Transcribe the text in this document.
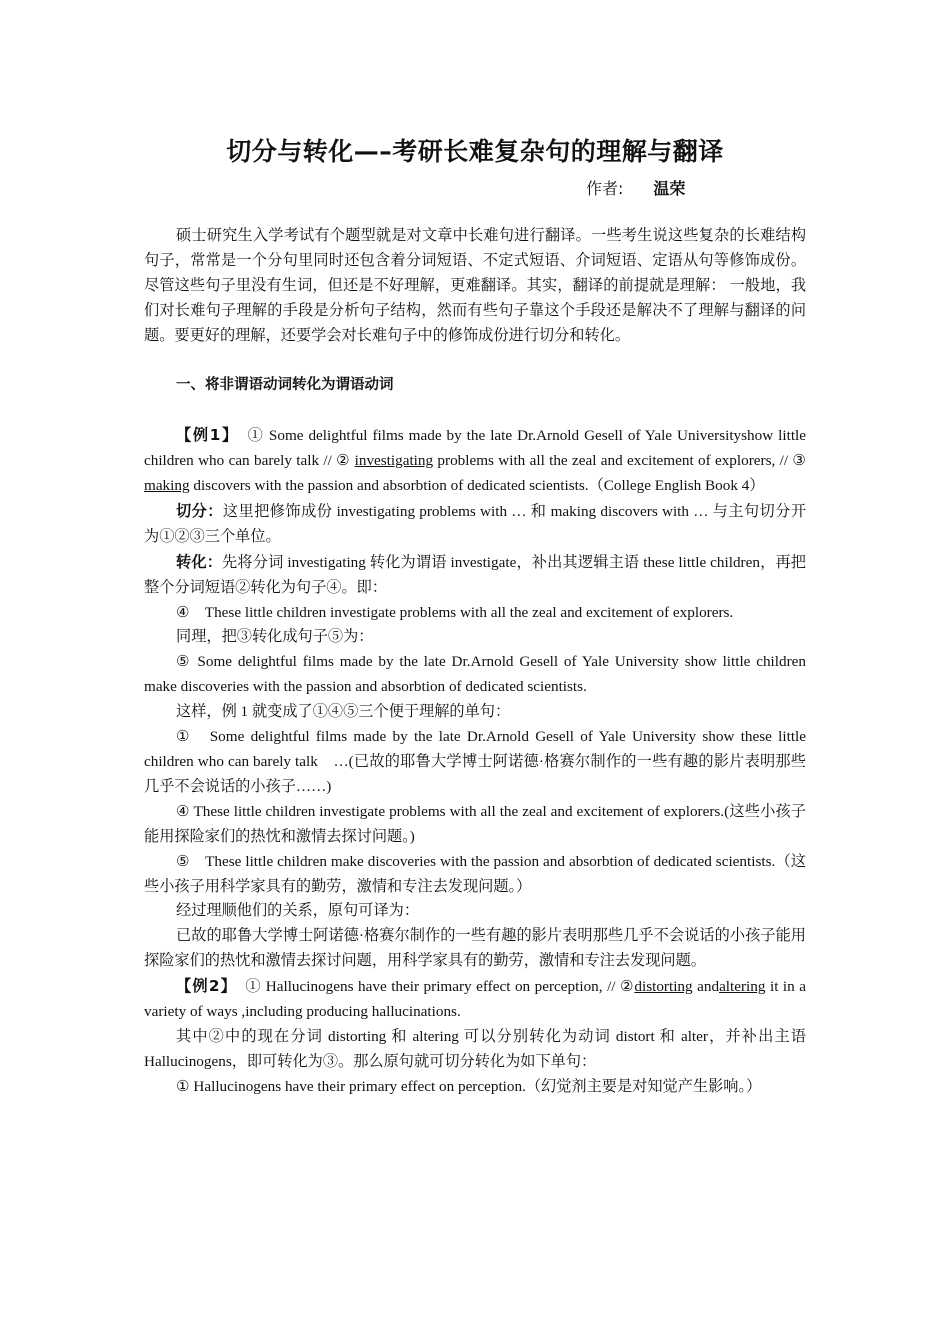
切分与转化—–考研长难复杂句的理解与翻译
作者: 温荣

硕士研究生入学考试有个题型就是对文章中长难句进行翻译。一些考生说这些复杂的长难结构句子，常常是一个分句里同时还包含着分词短语、不定式短语、介词短语、定语从句等修饰成份。尽管这些句子里没有生词，但还是不好理解，更难翻译。其实，翻译的前提就是理解： 一般地，我们对长难句子理解的手段是分析句子结构，然而有些句子靠这个手段还是解决不了理解与翻译的问题。要更好的理解，还要学会对长难句子中的修饰成份进行切分和转化。

一、将非谓语动词转化为谓语动词

【例1】　 ① Some delightful films made by the late Dr.Arnold Gesell of Yale Universityshow little children who can barely talk // ② investigating problems with all the zeal and excitement of explorers, // ③ making discovers with the passion and absorbtion of dedicated scientists.（College English Book 4）

切分：这里把修饰成份 investigating problems with … 和 making discovers with … 与主句切分开为①②③三个单位。

转化：先将分词 investigating 转化为谓语 investigate，补出其逻辑主语 these little children，再把整个分词短语②转化为句子④。即：

④　These little children investigate problems with all the zeal and excitement of explorers.

同理，把③转化成句子⑤为：

⑤ Some delightful films made by the late Dr.Arnold Gesell of Yale University show little children make discoveries with the passion and absorbtion of dedicated scientists.

这样，例 1 就变成了①④⑤三个便于理解的单句：

①　Some delightful films made by the late Dr.Arnold Gesell of Yale University show these little children who can barely talk　…(已故的耶鲁大学博士阿诺德·格赛尔制作的一些有趣的影片表明那些几乎不会说话的小孩子……)

④ These little children investigate problems with all the zeal and excitement of explorers.(这些小孩子能用探险家们的热忱和激情去探讨问题。)

⑤　These little children make discoveries with the passion and absorbtion of dedicated scientists.（这些小孩子用科学家具有的勤劳，激情和专注去发现问题。）

经过理顺他们的关系，原句可译为：

已故的耶鲁大学博士阿诺德·格赛尔制作的一些有趣的影片表明那些几乎不会说话的小孩子能用探险家们的热忱和激情去探讨问题，用科学家具有的勤劳，激情和专注去发现问题。

【例2】　 ① Hallucinogens have their primary effect on perception, // ②distorting andaltering it in a variety of ways ,including producing hallucinations.

其中②中的现在分词 distorting 和 altering 可以分别转化为动词 distort 和 alter，并补出主语 Hallucinogens，即可转化为③。那么原句就可切分转化为如下单句：

① Hallucinogens have their primary effect on perception.（幻觉剂主要是对知觉产生影响。）
